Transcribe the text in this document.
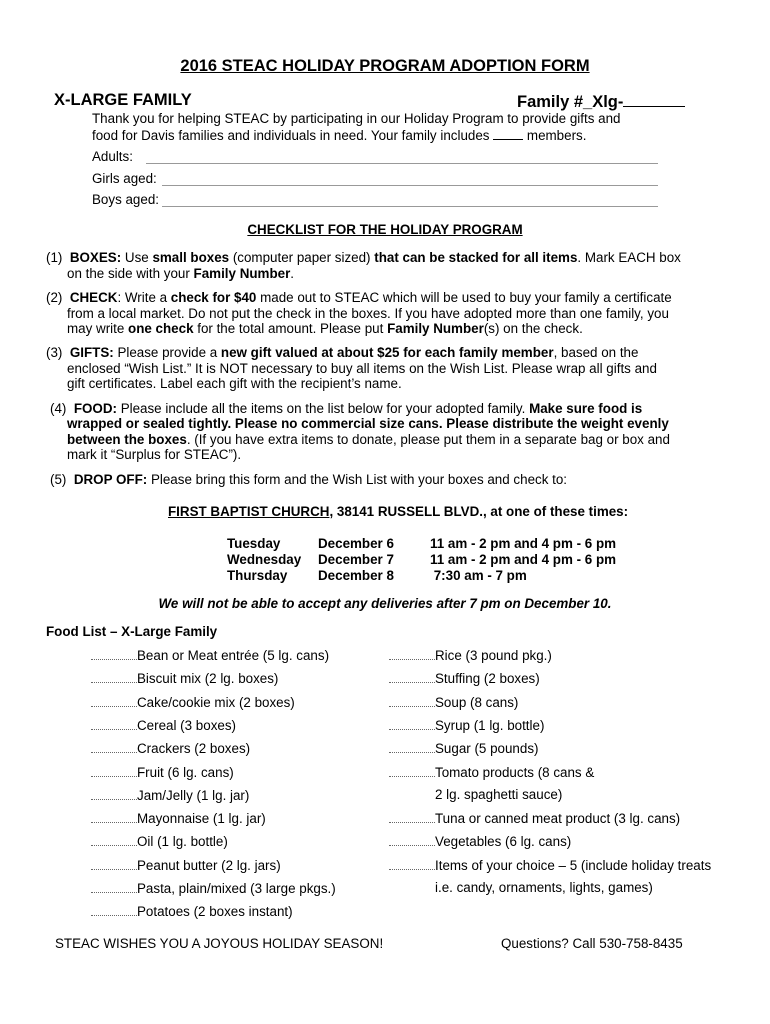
2016 STEAC HOLIDAY PROGRAM ADOPTION FORM
X-LARGE FAMILY	Family #_Xlg-
Thank you for helping STEAC by participating in our Holiday Program to provide gifts and
food for Davis families and individuals in need. Your family includes  members.
Adults:
Girls aged:
Boys aged:
CHECKLIST FOR THE HOLIDAY PROGRAM
(1) BOXES: Use small boxes (computer paper sized) that can be stacked for all items. Mark EACH box
on the side with your Family Number.
(2) CHECK: Write a check for $40 made out to STEAC which will be used to buy your family a certificate
from a local market. Do not put the check in the boxes. If you have adopted more than one family, you
may write one check for the total amount. Please put Family Number(s) on the check.
(3) GIFTS: Please provide a new gift valued at about $25 for each family member, based on the
enclosed “Wish List.” It is NOT necessary to buy all items on the Wish List. Please wrap all gifts and
gift certificates. Label each gift with the recipient’s name.
(4) FOOD: Please include all the items on the list below for your adopted family. Make sure food is
wrapped or sealed tightly. Please no commercial size cans. Please distribute the weight evenly
between the boxes. (If you have extra items to donate, please put them in a separate bag or box and
mark it “Surplus for STEAC”).
(5) DROP OFF: Please bring this form and the Wish List with your boxes and check to:
FIRST BAPTIST CHURCH, 38141 RUSSELL BLVD., at one of these times:
Tuesday	December 6	11 am - 2 pm and 4 pm - 6 pm
Wednesday December 7	11 am - 2 pm and 4 pm - 6 pm
Thursday December 8	7:30 am - 7 pm
We will not be able to accept any deliveries after 7 pm on December 10.
Food List – X-Large Family
Bean or Meat entrée (5 lg. cans)
Biscuit mix (2 lg. boxes)
Cake/cookie mix (2 boxes)
Cereal (3 boxes)
Crackers (2 boxes)
Fruit (6 lg. cans)
Jam/Jelly (1 lg. jar)
Mayonnaise (1 lg. jar)
Oil (1 lg. bottle)
Peanut butter (2 lg. jars)
Pasta, plain/mixed (3 large pkgs.)
Potatoes (2 boxes instant)
Rice (3 pound pkg.)
Stuffing (2 boxes)
Soup (8 cans)
Syrup (1 lg. bottle)
Sugar (5 pounds)
Tomato products (8 cans &
2 lg. spaghetti sauce)
Tuna or canned meat product (3 lg. cans)
Vegetables (6 lg. cans)
Items of your choice – 5 (include holiday treats
i.e. candy, ornaments, lights, games)
STEAC WISHES YOU A JOYOUS HOLIDAY SEASON!	Questions? Call 530-758-8435
